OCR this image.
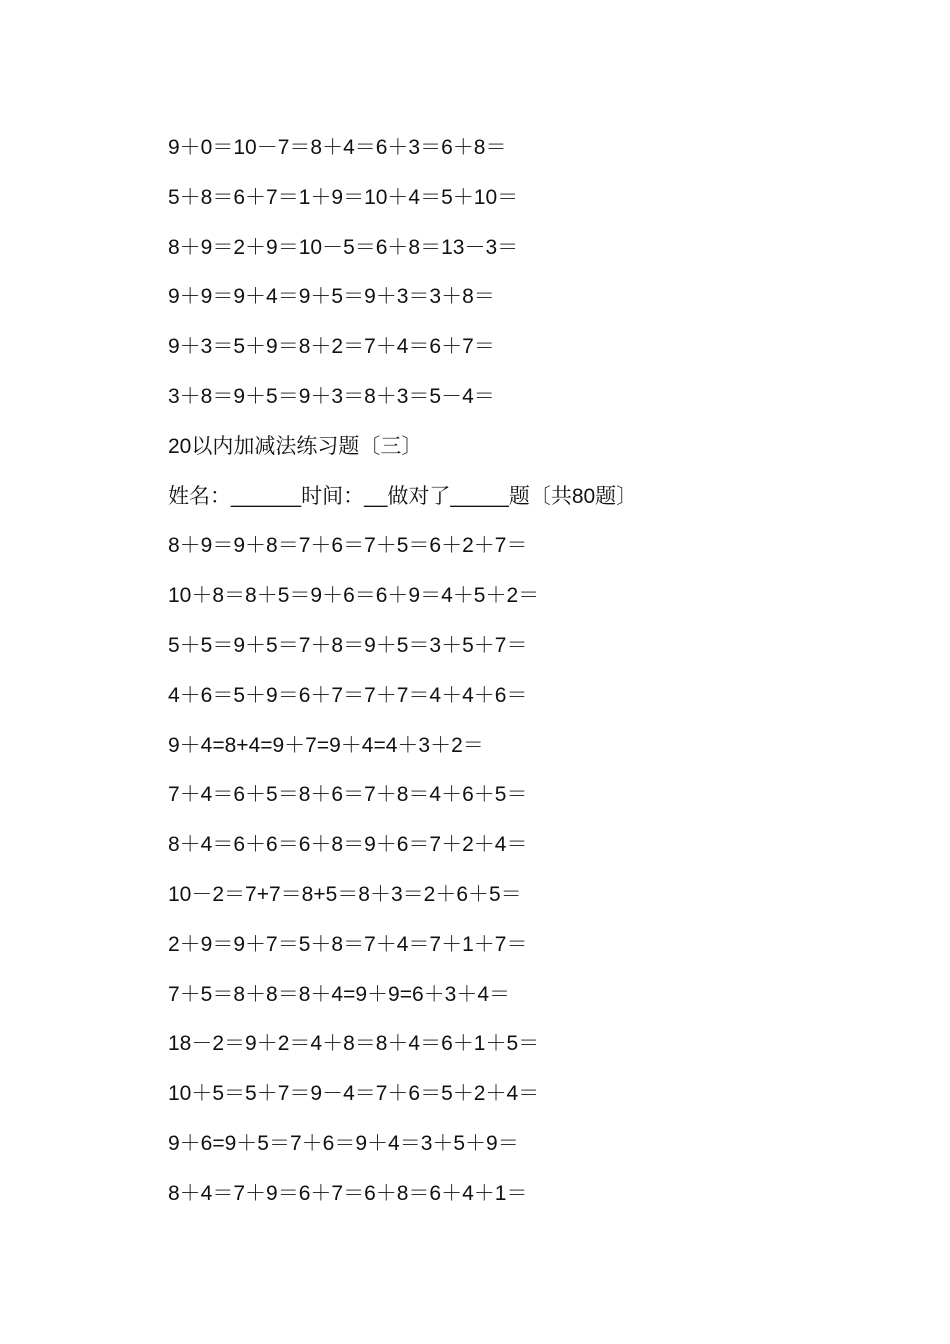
9＋0＝10－7＝8＋4＝6＋3＝6＋8＝
5＋8＝6＋7＝1＋9＝10＋4＝5＋10＝
8＋9＝2＋9＝10－5＝6＋8＝13－3＝
9＋9＝9＋4＝9＋5＝9＋3＝3＋8＝
9＋3＝5＋9＝8＋2＝7＋4＝6＋7＝
3＋8＝9＋5＝9＋3＝8＋3＝5－4＝
20以内加减法练习题〔三〕
姓名：______时间：__做对了_____题〔共80题〕
8＋9＝9＋8＝7＋6＝7＋5＝6＋2＋7＝
10＋8＝8＋5＝9＋6＝6＋9＝4＋5＋2＝
5＋5＝9＋5＝7＋8＝9＋5＝3＋5＋7＝
4＋6＝5＋9＝6＋7＝7＋7＝4＋4＋6＝
9＋4=8+4=9＋7=9＋4=4＋3＋2＝
7＋4＝6＋5＝8＋6＝7＋8＝4＋6＋5＝
8＋4＝6＋6＝6＋8＝9＋6＝7＋2＋4＝
10－2＝7+7＝8+5＝8＋3＝2＋6＋5＝
2＋9＝9＋7＝5＋8＝7＋4＝7＋1＋7＝
7＋5＝8＋8＝8＋4=9＋9=6＋3＋4＝
18－2＝9＋2＝4＋8＝8＋4＝6＋1＋5＝
10＋5＝5＋7＝9－4＝7＋6＝5＋2＋4＝
9＋6=9＋5＝7＋6＝9＋4＝3＋5＋9＝
8＋4＝7＋9＝6＋7＝6＋8＝6＋4＋1＝
